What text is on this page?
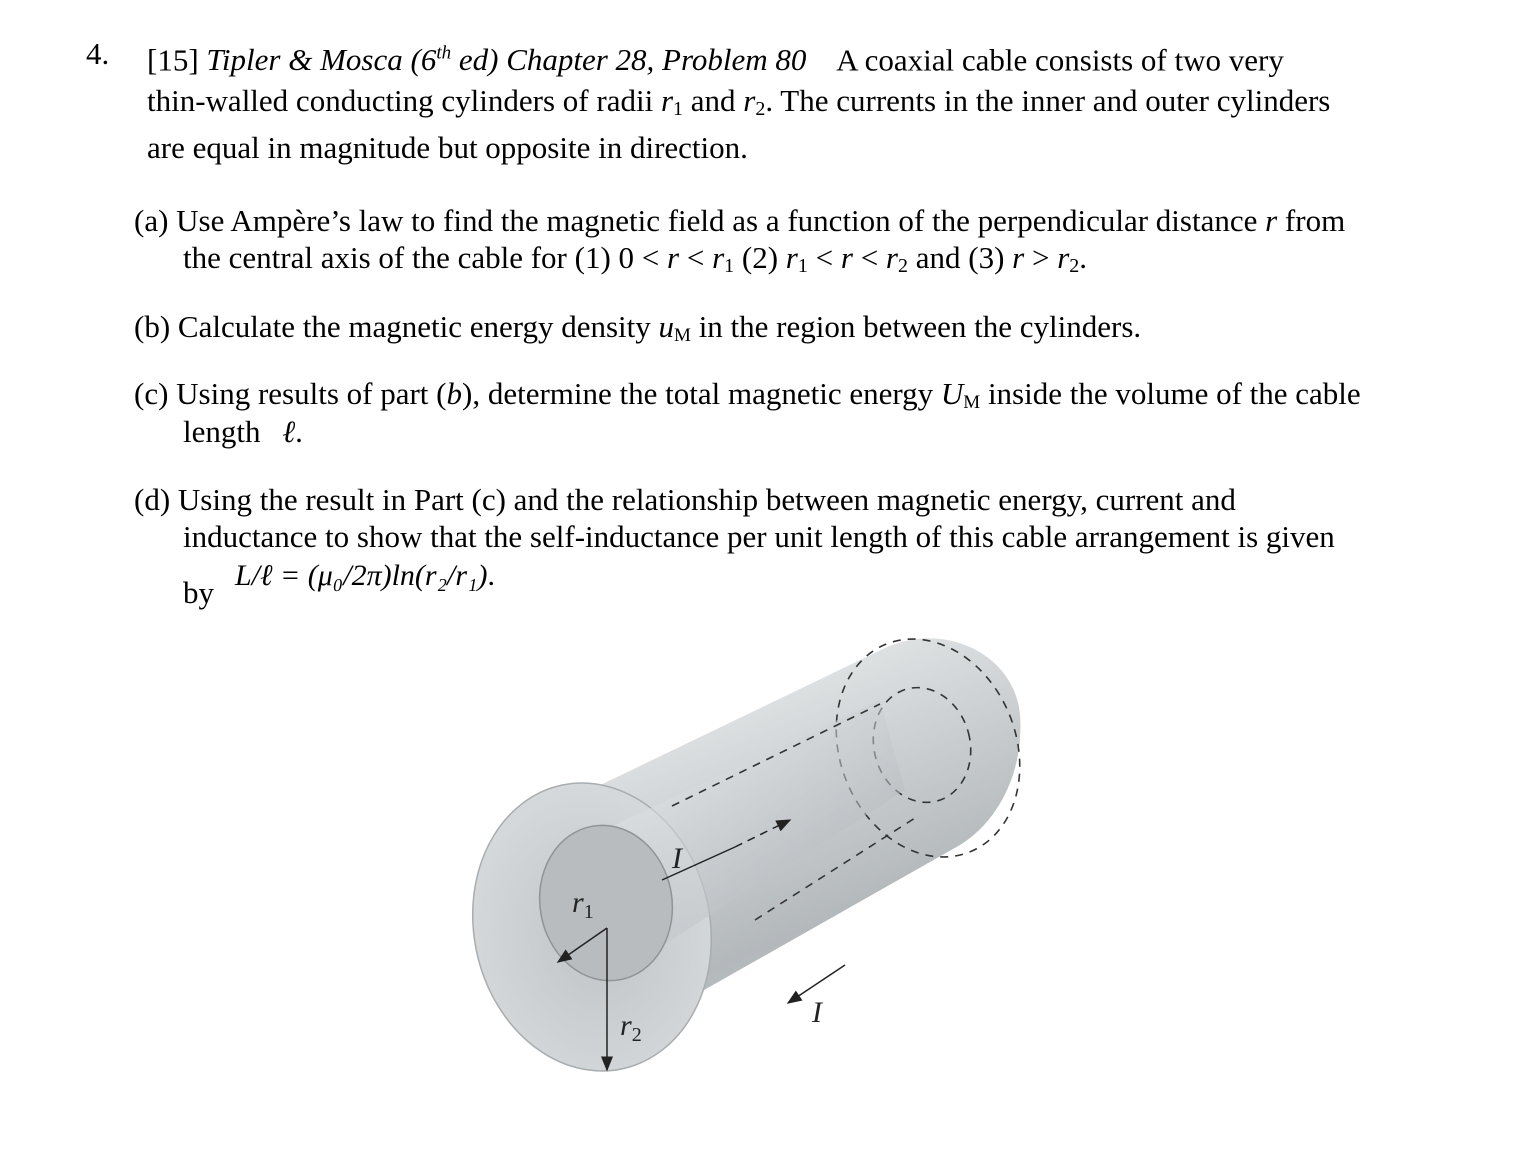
4. [15] Tipler & Mosca (6th ed) Chapter 28, Problem 80 A coaxial cable consists of two very
thin-walled conducting cylinders of radii $r_1$ and $r_2$. The currents in the inner and outer cylinders
are equal in magnitude but opposite in direction.
(a) Use Ampère’s law to find the magnetic field as a function of the perpendicular distance r from
the central axis of the cable for (1) $0 < r < r_1$ (2) $r_1 < r < r_2$ and (3) $r > r_2$.
(b) Calculate the magnetic energy density $u_M$ in the region between the cylinders.
(c) Using results of part (b), determine the total magnetic energy $U_M$ inside the volume of the cable
length ℓ.
(d) Using the result in Part (c) and the relationship between magnetic energy, current and
inductance to show that the self-inductance per unit length of this cable arrangement is given
by L/ℓ = (μ₀/2π)ln(r₂/r₁).
I
I
$r_1$
$r_2$
